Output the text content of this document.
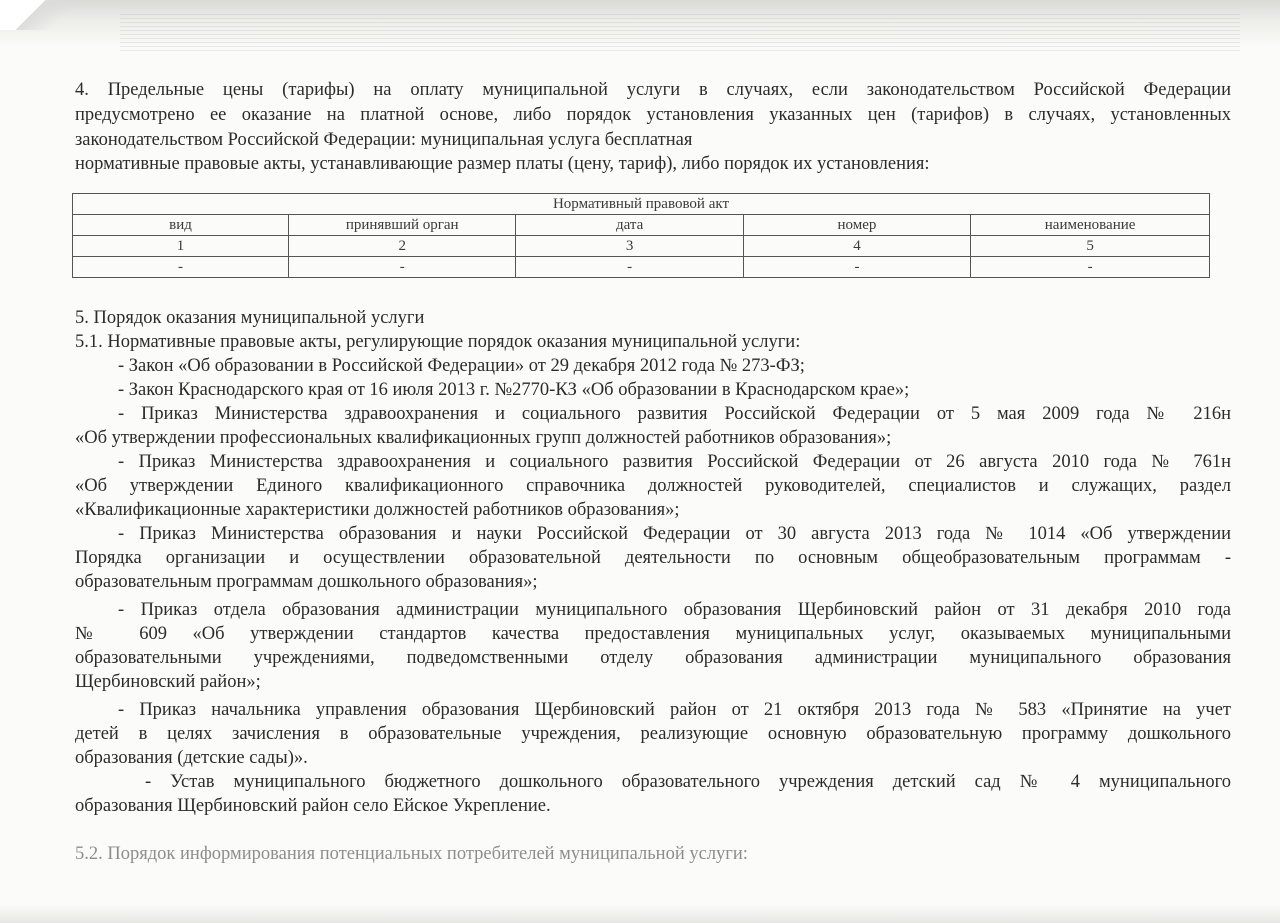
4. Предельные цены (тарифы) на оплату муниципальной услуги в случаях, если законодательством Российской Федерации
предусмотрено ее оказание на платной основе, либо порядок установления указанных цен (тарифов) в случаях, установленных
законодательством Российской Федерации: муниципальная услуга бесплатная
нормативные правовые акты, устанавливающие размер платы (цену, тариф), либо порядок их установления:
Нормативный правовой акт				
вид	принявший орган	дата	номер	наименование
1	2	3	4	5
-	-	-	-	-
5. Порядок оказания муниципальной услуги
5.1. Нормативные правовые акты, регулирующие порядок оказания муниципальной услуги:
- Закон «Об образовании в Российской Федерации» от 29 декабря 2012 года № 273-ФЗ;
- Закон Краснодарского края от 16 июля 2013 г. №2770-КЗ «Об образовании в Краснодарском крае»;
- Приказ Министерства здравоохранения и социального развития Российской Федерации от 5 мая 2009 года № 216н
«Об утверждении профессиональных квалификационных групп должностей работников образования»;
- Приказ Министерства здравоохранения и социального развития Российской Федерации от 26 августа 2010 года № 761н
«Об утверждении Единого квалификационного справочника должностей руководителей, специалистов и служащих, раздел
«Квалификационные характеристики должностей работников образования»;
- Приказ Министерства образования и науки Российской Федерации от 30 августа 2013 года № 1014 «Об утверждении
Порядка организации и осуществлении образовательной деятельности по основным общеобразовательным программам -
образовательным программам дошкольного образования»;
- Приказ отдела образования администрации муниципального образования Щербиновский район от 31 декабря 2010 года
№ 609 «Об утверждении стандартов качества предоставления муниципальных услуг, оказываемых муниципальными
образовательными учреждениями, подведомственными отделу образования администрации муниципального образования
Щербиновский район»;
- Приказ начальника управления образования Щербиновский район от 21 октября 2013 года № 583 «Принятие на учет
детей в целях зачисления в образовательные учреждения, реализующие основную образовательную программу дошкольного
образования (детские сады)».
- Устав муниципального бюджетного дошкольного образовательного учреждения детский сад № 4 муниципального
образования Щербиновский район село Ейское Укрепление.
5.2. Порядок информирования потенциальных потребителей муниципальной услуги:
